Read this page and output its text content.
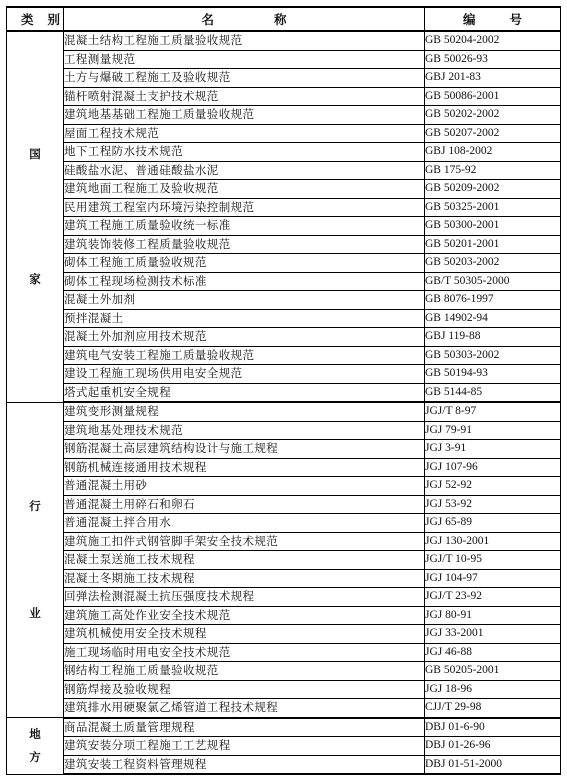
类别	名 称	编 号

国
家	混凝土结构工程施工质量验收规范	GB 50204-2002
	工程测量规范	GB 50026-93
	土方与爆破工程施工及验收规范	GBJ 201-83
	锚杆喷射混凝土支护技术规范	GB 50086-2001
	建筑地基基础工程施工质量验收规范	GB 50202-2002
	屋面工程技术规范	GB 50207-2002
	地下工程防水技术规范	GBJ 108-2002
	硅酸盐水泥、普通硅酸盐水泥	GB 175-92
	建筑地面工程施工及验收规范	GB 50209-2002
	民用建筑工程室内环境污染控制规范	GB 50325-2001
	建筑工程施工质量验收统一标准	GB 50300-2001
	建筑装饰装修工程质量验收规范	GB 50201-2001
	砌体工程施工质量验收规范	GB 50203-2002
	砌体工程现场检测技术标准	GB/T 50305-2000
	混凝土外加剂	GB 8076-1997
	预拌混凝土	GB 14902-94
	混凝土外加剂应用技术规范	GBJ 119-88
	建筑电气安装工程施工质量验收规范	GB 50303-2002
	建设工程施工现场供用电安全规范	GB 50194-93
	塔式起重机安全规程	GB 5144-85

行
业	建筑变形测量规程	JGJ/T 8-97
	建筑地基处理技术规范	JGJ 79-91
	钢筋混凝土高层建筑结构设计与施工规程	JGJ 3-91
	钢筋机械连接通用技术规程	JGJ 107-96
	普通混凝土用砂	JGJ 52-92
	普通混凝土用碎石和卵石	JGJ 53-92
	普通混凝土拌合用水	JGJ 65-89
	建筑施工扣件式钢管脚手架安全技术规范	JGJ 130-2001
	混凝土泵送施工技术规程	JGJ/T 10-95
	混凝土冬期施工技术规程	JGJ 104-97
	回弹法检测混凝土抗压强度技术规程	JGJ/T 23-92
	建筑施工高处作业安全技术规范	JGJ 80-91
	建筑机械使用安全技术规程	JGJ 33-2001
	施工现场临时用电安全技术规范	JGJ 46-88
	钢结构工程施工质量验收规范	GB 50205-2001
	钢筋焊接及验收规程	JGJ 18-96
	建筑排水用硬聚氯乙烯管道工程技术规程	CJJ/T 29-98

地
方	商品混凝土质量管理规程	DBJ 01-6-90
	建筑安装分项工程施工工艺规程	DBJ 01-26-96
	建筑安装工程资料管理规程	DBJ 01-51-2000
